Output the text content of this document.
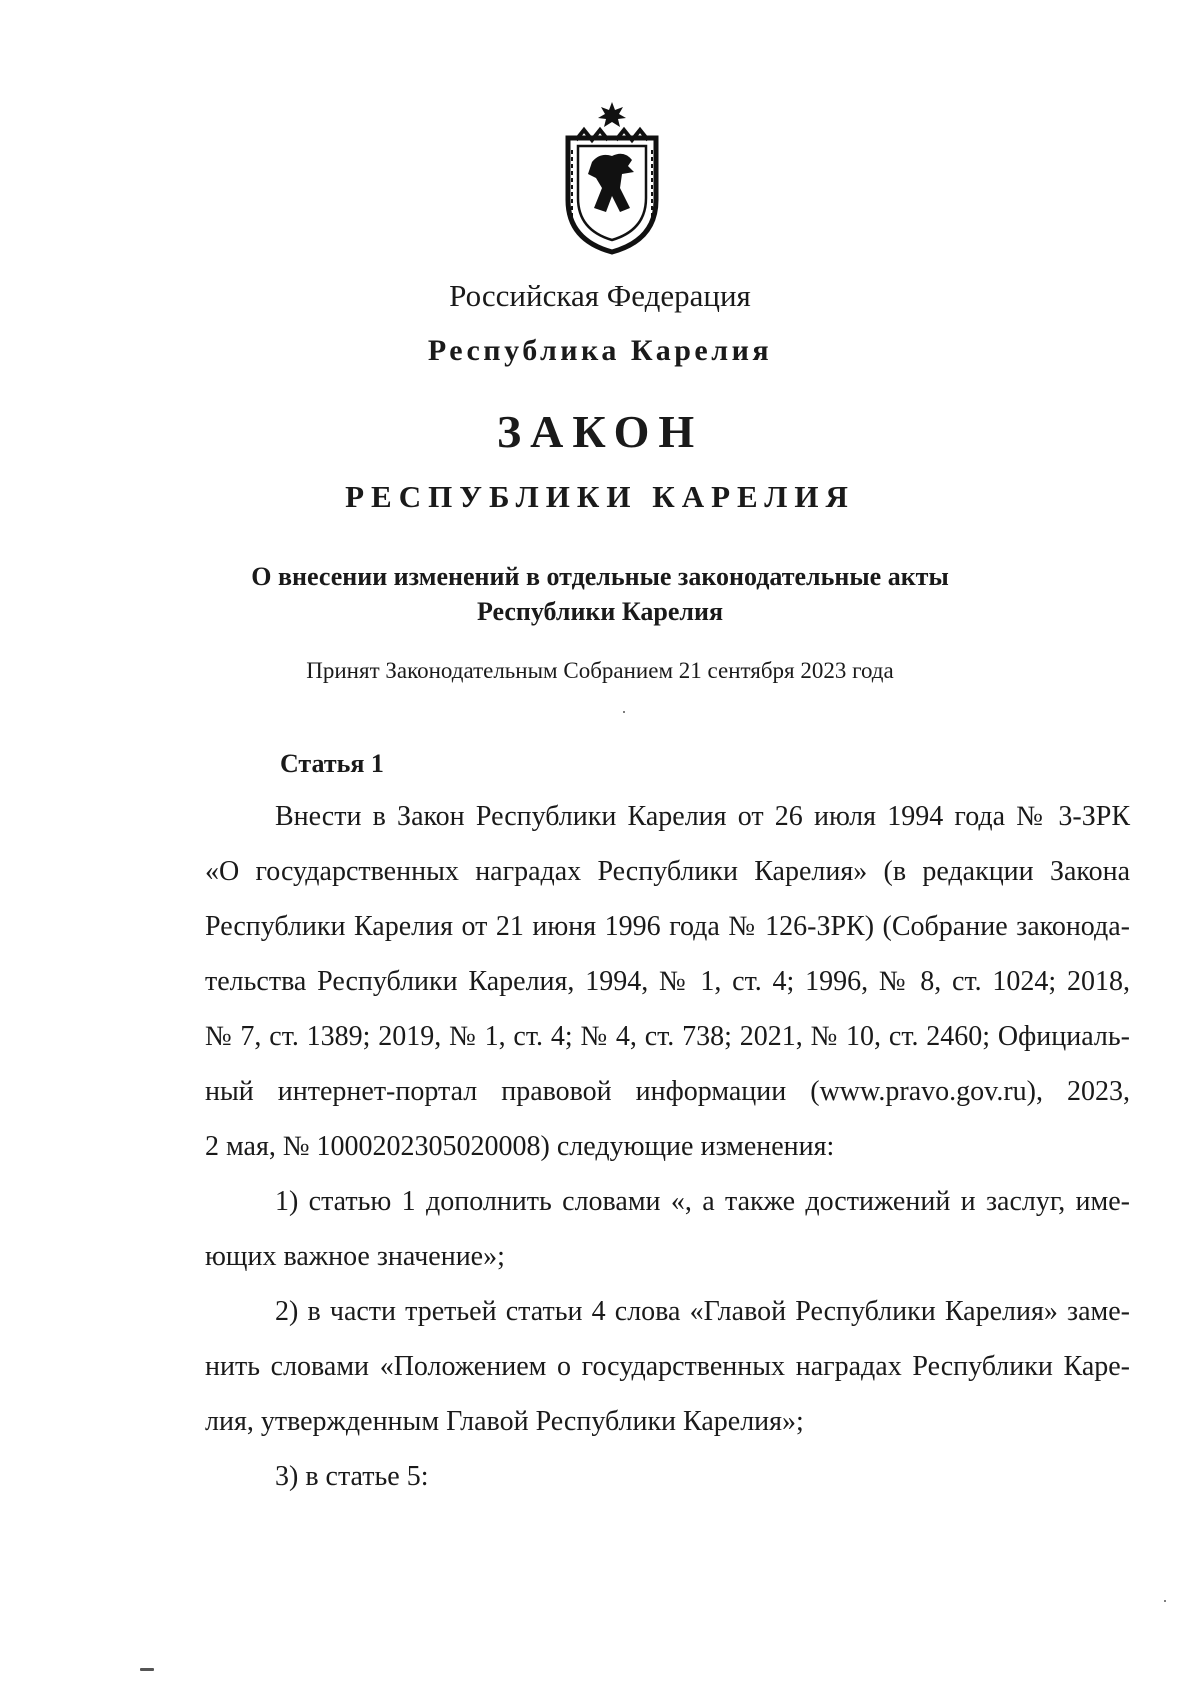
Российская Федерация
Республика Карелия
ЗАКОН
РЕСПУБЛИКИ КАРЕЛИЯ
О внесении изменений в отдельные законодательные акты
Республики Карелия
Принят Законодательным Собранием 21 сентября 2023 года
Статья 1
Внести в Закон Республики Карелия от 26 июля 1994 года № 3-ЗРК
«О государственных наградах Республики Карелия» (в редакции Закона
Республики Карелия от 21 июня 1996 года № 126-ЗРК) (Собрание законода-
тельства Республики Карелия, 1994, № 1, ст. 4; 1996, № 8, ст. 1024; 2018,
№ 7, ст. 1389; 2019, № 1, ст. 4; № 4, ст. 738; 2021, № 10, ст. 2460; Официаль-
ный интернет-портал правовой информации (www.pravo.gov.ru), 2023,
2 мая, № 1000202305020008) следующие изменения:
1) статью 1 дополнить словами «, а также достижений и заслуг, име-
ющих важное значение»;
2) в части третьей статьи 4 слова «Главой Республики Карелия» заме-
нить словами «Положением о государственных наградах Республики Каре-
лия, утвержденным Главой Республики Карелия»;
3) в статье 5:
